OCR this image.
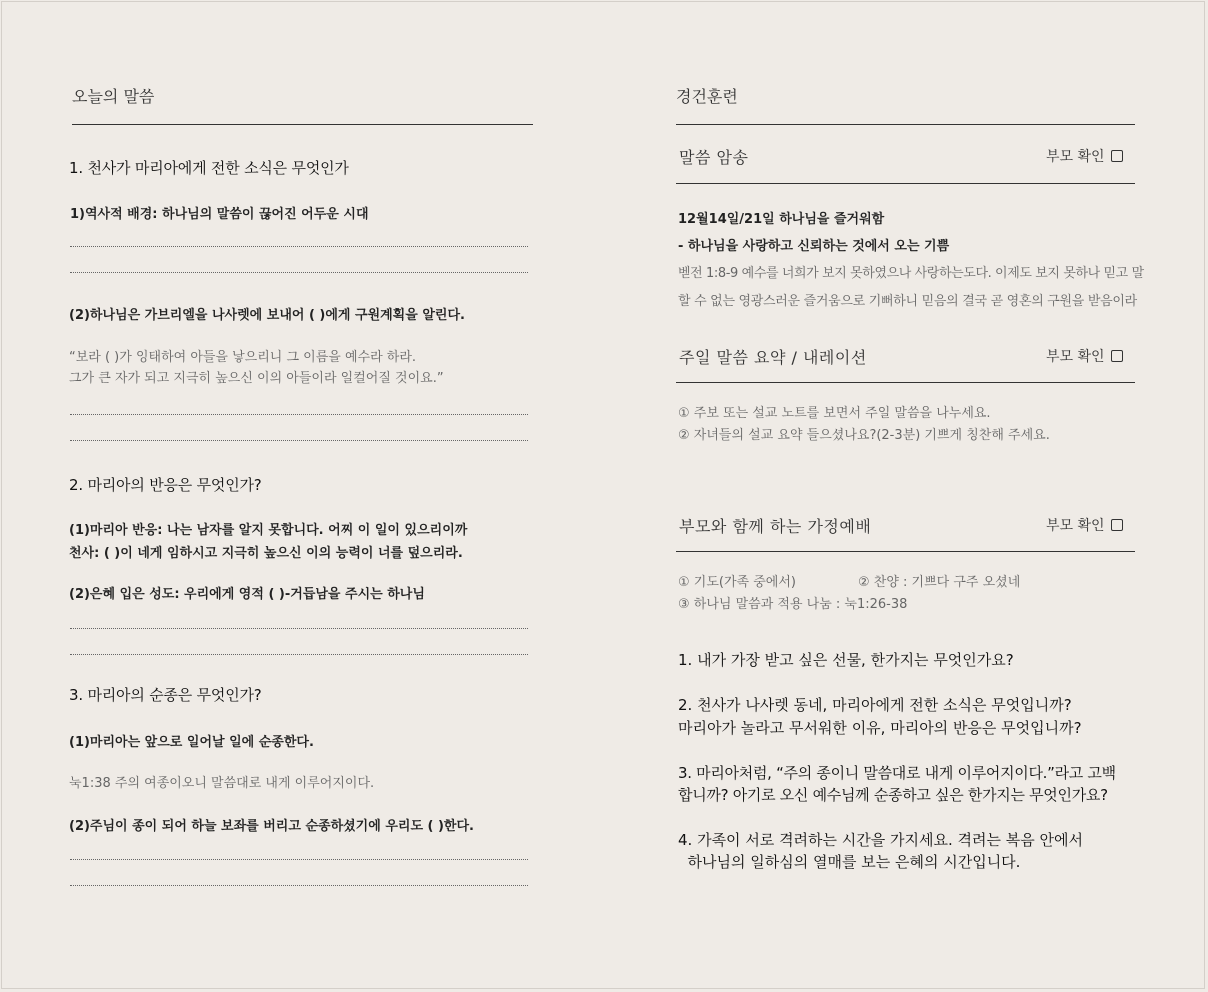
오늘의 말씀
1. 천사가 마리아에게 전한 소식은 무엇인가
1)역사적 배경: 하나님의 말씀이 끊어진 어두운 시대
(2)하나님은 가브리엘을 나사렛에 보내어 ( )에게 구원계획을 알린다.
“보라 ( )가 잉태하여 아들을 낳으리니 그 이름을 예수라 하라.
그가 큰 자가 되고 지극히 높으신 이의 아들이라 일컬어질 것이요.”
2. 마리아의 반응은 무엇인가?
(1)마리아 반응: 나는 남자를 알지 못합니다. 어찌 이 일이 있으리이까
천사: ( )이 네게 임하시고 지극히 높으신 이의 능력이 너를 덮으리라.
(2)은혜 입은 성도: 우리에게 영적 ( )-거듭남을 주시는 하나님
3. 마리아의 순종은 무엇인가?
(1)마리아는 앞으로 일어날 일에 순종한다.
눅1:38 주의 여종이오니 말씀대로 내게 이루어지이다.
(2)주님이 종이 되어 하늘 보좌를 버리고 순종하셨기에 우리도 ( )한다.
경건훈련
말씀 암송	부모 확인
12월14일/21일 하나님을 즐거워함
- 하나님을 사랑하고 신뢰하는 것에서 오는 기쁨
벧전 1:8-9 예수를 너희가 보지 못하였으나 사랑하는도다. 이제도 보지 못하나 믿고 말
할 수 없는 영광스러운 즐거움으로 기뻐하니 믿음의 결국 곧 영혼의 구원을 받음이라
주일 말씀 요약 / 내레이션	부모 확인
① 주보 또는 설교 노트를 보면서 주일 말씀을 나누세요.
② 자녀들의 설교 요약 들으셨나요?(2-3분) 기쁘게 칭찬해 주세요.
부모와 함께 하는 가정예배	부모 확인
① 기도(가족 중에서)	② 찬양 : 기쁘다 구주 오셨네
③ 하나님 말씀과 적용 나눔 : 눅1:26-38
1. 내가 가장 받고 싶은 선물, 한가지는 무엇인가요?
2. 천사가 나사렛 동네, 마리아에게 전한 소식은 무엇입니까?
마리아가 놀라고 무서워한 이유, 마리아의 반응은 무엇입니까?
3. 마리아처럼, “주의 종이니 말씀대로 내게 이루어지이다.”라고 고백
합니까? 아기로 오신 예수님께 순종하고 싶은 한가지는 무엇인가요?
4. 가족이 서로 격려하는 시간을 가지세요. 격려는 복음 안에서
하나님의 일하심의 열매를 보는 은혜의 시간입니다.
